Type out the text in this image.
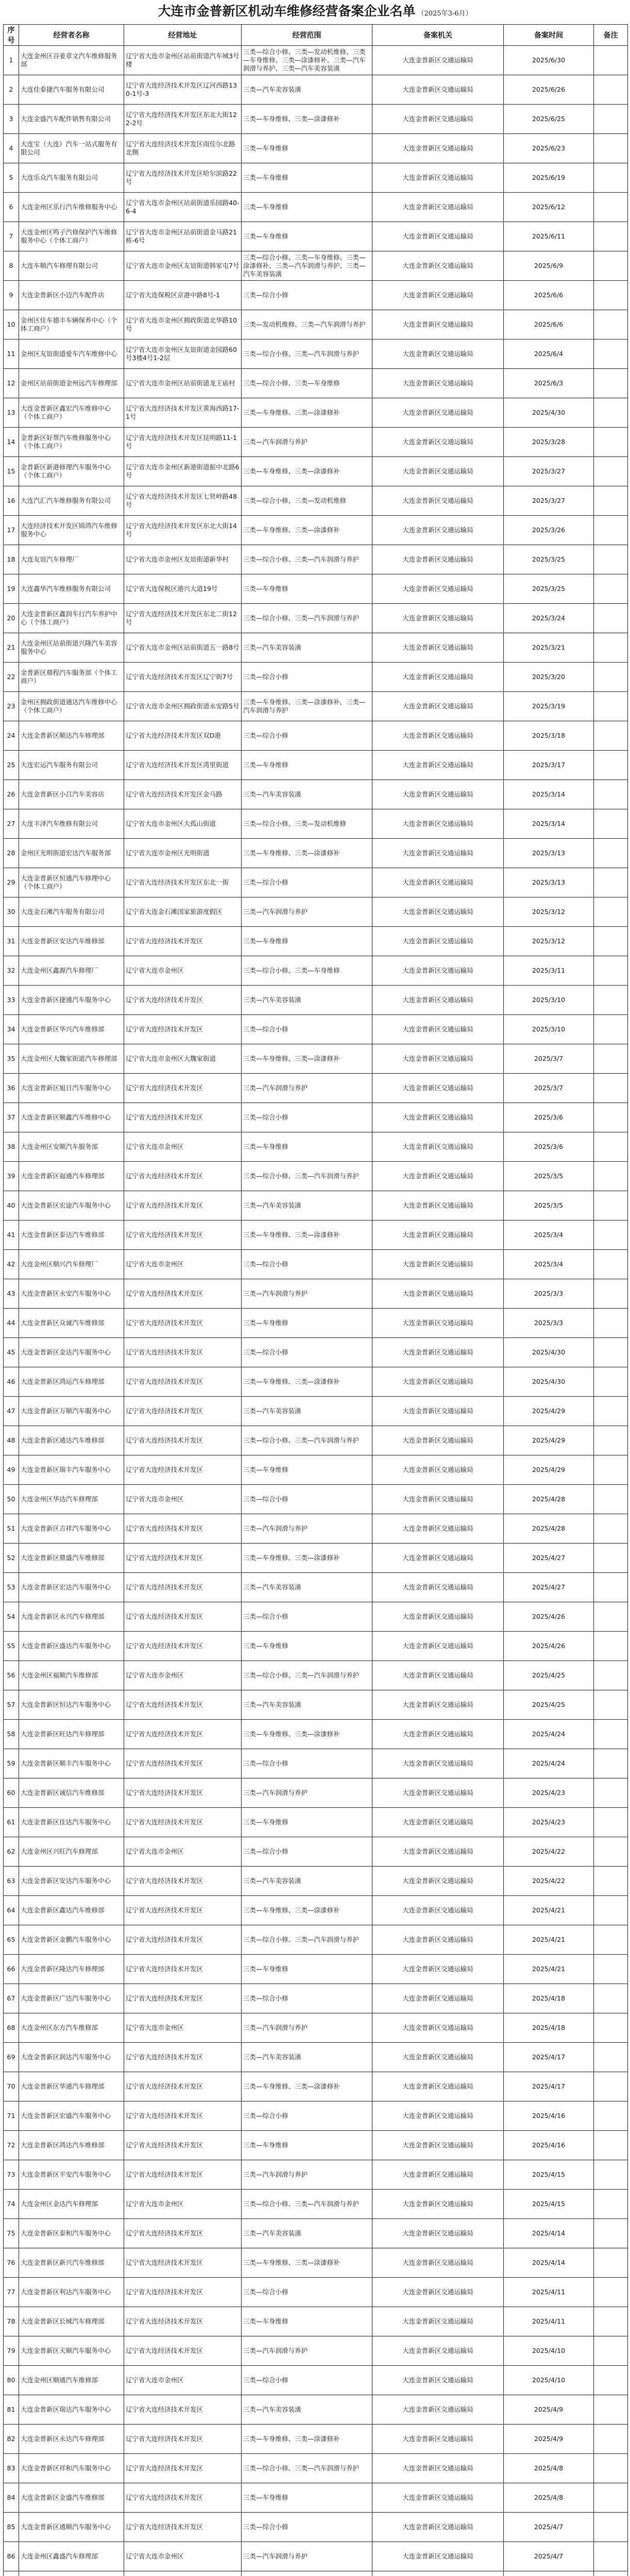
大连市金普新区机动车维修经营备案企业名单 （2025年3-6月）
序号	经营者名称	经营地址	经营范围	备案机关	备案时间	备注

1	大连金州区谷姜章文汽车维修服务部	辽宁省大连市金州区站前街道汽车城3号楼	三类—综合小修、三类—发动机维修、三类—车身维修、三类—涂漆修补、三类—汽车润滑与养护、三类—汽车美容装潢	大连金普新区交通运输局	2025/6/30	

2	大连佳泰捷汽车服务有限公司	辽宁省大连经济技术开发区辽河西路130-1号-3	三类—汽车美容装潢	大连金普新区交通运输局	2025/6/26	

3	大连金盛汽车配件销售有限公司	辽宁省大连经济技术开发区东北大街122-2号	三类—车身维修、三类—涂漆修补	大连金普新区交通运输局	2025/6/25	

4	大连宝（大连）汽车一站式服务有限公司	辽宁省大连经济技术开发区雨佳尔北路北侧	三类—车身维修	大连金普新区交通运输局	2025/6/23	

5	大连乐众汽车服务有限公司	辽宁省大连经济技术开发区哈尔滨路22号	三类—车身维修	大连金普新区交通运输局	2025/6/19	

6	大连金州区乐行汽车维修服务中心	辽宁省大连市金州区站前街道乐园路40-6-4	三类—车身维修	大连金普新区交通运输局	2025/6/12	

7	大连金州区鸣子汽修保护汽车维修服务中心（个体工商户）	辽宁省大连市金州区站前街道金马路21栋-6号	三类—车身维修	大连金普新区交通运输局	2025/6/11	

8	大连车顺汽车修理有限公司	辽宁省大连市金州区友谊街道韩家屯7号	三类—综合小修、三类—车身维修、三类—涂漆修补、三类—汽车润滑与养护、三类—汽车美容装潢	大连金普新区交通运输局	2025/6/9	

9	大连金普新区小迈汽车配件店	辽宁省大连保税区京港中路8号-1	三类—综合小修	大连金普新区交通运输局	2025/6/6	

10	金州区佳车德丰车辆保养中心（个体工商户）	辽宁省大连市金州区拥政街道北华路10号	三类—发动机维修、三类—汽车润滑与养护	大连金普新区交通运输局	2025/6/6	

11	金州区友谊街道爱车汽车维修中心	辽宁省大连市金州区友谊街道金园路60号3楼4号1-2层	三类—综合小修、三类—汽车润滑与养护	大连金普新区交通运输局	2025/6/4	

12	金州区站前街道金州远汽车修理部	辽宁省大连市金州区站前街道龙王庙村	三类—综合小修、三类—车身维修	大连金普新区交通运输局	2025/6/3	

13	大连金普新区鑫宏汽车维修中心（个体工商户）	辽宁省大连经济技术开发区黄海西路17-1号	三类—车身维修、三类—涂漆修补	大连金普新区交通运输局	2025/4/30	

14	金普新区好帮汽车维修服务中心（个体工商户）	辽宁省大连经济技术开发区昆明路11-1号	三类—汽车润滑与养护	大连金普新区交通运输局	2025/3/28	

15	金普新区新港修理汽车服务中心（个体工商户）	辽宁省大连市金州区新港街道振中北路6号	三类—车身维修、三类—涂漆修补	大连金普新区交通运输局	2025/3/27	

16	大连汽汇汽车维修服务有限公司	辽宁省大连经济技术开发区七贤岭路48号	三类—综合小修、三类—发动机维修	大连金普新区交通运输局	2025/3/27	

17	大连经济技术开发区锦鸿汽车维修服务中心	辽宁省大连经济技术开发区东北大街14号	三类—车身维修、三类—涂漆修补	大连金普新区交通运输局	2025/3/26	

18	大连友谊汽车修理厂	辽宁省大连市金州区友谊街道新华村	三类—综合小修、三类—汽车润滑与养护	大连金普新区交通运输局	2025/3/25	

19	大连鑫华汽车维修服务有限公司	辽宁省大连保税区港兴大道19号	三类—车身维修	大连金普新区交通运输局	2025/3/25	

20	大连金普新区鑫润车行汽车养护中心（个体工商户）	辽宁省大连经济技术开发区东北二街12号	三类—综合小修、三类—汽车润滑与养护	大连金普新区交通运输局	2025/3/24	

21	大连金州区站前街道兴隆汽车美容服务中心	辽宁省大连市金州区站前街道五一路8号	三类—汽车美容装潢	大连金普新区交通运输局	2025/3/21	

22	金普新区鼎程汽车服务部（个体工商户）	辽宁省大连经济技术开发区辽宁街7号	三类—综合小修	大连金普新区交通运输局	2025/3/20	

23	金州区拥政街道通达汽车维修中心（个体工商户）	辽宁省大连市金州区拥政街道永安路5号	三类—车身维修、三类—涂漆修补、三类—汽车润滑与养护	大连金普新区交通运输局	2025/3/19	

24	大连金普新区顺达汽车修理部	辽宁省大连经济技术开发区双D港	三类—综合小修	大连金普新区交通运输局	2025/3/18	

25	大连宏运汽车服务有限公司	辽宁省大连经济技术开发区湾里街道	三类—车身维修	大连金普新区交通运输局	2025/3/17	

26	大连金普新区小吕汽车美容店	辽宁省大连经济技术开发区金马路	三类—汽车美容装潢	大连金普新区交通运输局	2025/3/14	

27	大连丰泽汽车维修有限公司	辽宁省大连市金州区大孤山街道	三类—综合小修、三类—发动机维修	大连金普新区交通运输局	2025/3/14	

28	金州区光明街道宏达汽车服务部	辽宁省大连市金州区光明街道	三类—车身维修、三类—涂漆修补	大连金普新区交通运输局	2025/3/13	

29	大连金普新区恒通汽车修理中心（个体工商户）	辽宁省大连经济技术开发区东北一街	三类—综合小修	大连金普新区交通运输局	2025/3/13	

30	大连金石滩汽车服务有限公司	辽宁省大连金石滩国家旅游度假区	三类—汽车润滑与养护	大连金普新区交通运输局	2025/3/12	

31	大连金普新区安达汽车维修部	辽宁省大连经济技术开发区	三类—车身维修	大连金普新区交通运输局	2025/3/12	

32	大连金州区鑫源汽车修理厂	辽宁省大连市金州区	三类—综合小修、三类—车身维修	大连金普新区交通运输局	2025/3/11	

33	大连金普新区捷通汽车服务中心	辽宁省大连经济技术开发区	三类—汽车美容装潢	大连金普新区交通运输局	2025/3/10	

34	大连金普新区华兴汽车维修部	辽宁省大连经济技术开发区	三类—综合小修	大连金普新区交通运输局	2025/3/10	

35	大连金州区大魏家街道汽车修理部	辽宁省大连市金州区大魏家街道	三类—车身维修、三类—涂漆修补	大连金普新区交通运输局	2025/3/7	

36	大连金普新区旭日汽车服务中心	辽宁省大连经济技术开发区	三类—汽车润滑与养护	大连金普新区交通运输局	2025/3/7	

37	大连金普新区顺鑫汽车维修中心	辽宁省大连经济技术开发区	三类—综合小修	大连金普新区交通运输局	2025/3/6	

38	大连金州区安顺汽车服务部	辽宁省大连市金州区	三类—车身维修	大连金普新区交通运输局	2025/3/6	

39	大连金普新区福通汽车修理部	辽宁省大连经济技术开发区	三类—综合小修、三类—汽车润滑与养护	大连金普新区交通运输局	2025/3/5	

40	大连金普新区宏途汽车服务中心	辽宁省大连经济技术开发区	三类—汽车美容装潢	大连金普新区交通运输局	2025/3/5	

41	大连金普新区泰达汽车维修部	辽宁省大连经济技术开发区	三类—车身维修、三类—涂漆修补	大连金普新区交通运输局	2025/3/4	

42	大连金州区顺兴汽车修理厂	辽宁省大连市金州区	三类—综合小修	大连金普新区交通运输局	2025/3/4	

43	大连金普新区永安汽车服务中心	辽宁省大连经济技术开发区	三类—汽车润滑与养护	大连金普新区交通运输局	2025/3/3	

44	大连金普新区众诚汽车维修部	辽宁省大连经济技术开发区	三类—车身维修	大连金普新区交通运输局	2025/3/3	

45	大连金普新区金达汽车服务中心	辽宁省大连经济技术开发区	三类—综合小修	大连金普新区交通运输局	2025/4/30	

46	大连金普新区鸿运汽车修理部	辽宁省大连经济技术开发区	三类—车身维修、三类—涂漆修补	大连金普新区交通运输局	2025/4/30	

47	大连金普新区万顺汽车服务中心	辽宁省大连经济技术开发区	三类—汽车美容装潢	大连金普新区交通运输局	2025/4/29	

48	大连金普新区通达汽车维修部	辽宁省大连经济技术开发区	三类—综合小修、三类—汽车润滑与养护	大连金普新区交通运输局	2025/4/29	

49	大连金普新区瑞丰汽车服务中心	辽宁省大连经济技术开发区	三类—车身维修	大连金普新区交通运输局	2025/4/29	

50	大连金州区华达汽车修理部	辽宁省大连市金州区	三类—综合小修	大连金普新区交通运输局	2025/4/28	

51	大连金普新区吉祥汽车服务中心	辽宁省大连经济技术开发区	三类—汽车润滑与养护	大连金普新区交通运输局	2025/4/28	

52	大连金普新区鼎盛汽车维修部	辽宁省大连经济技术开发区	三类—车身维修、三类—涂漆修补	大连金普新区交通运输局	2025/4/27	

53	大连金普新区宏达汽车服务中心	辽宁省大连经济技术开发区	三类—汽车美容装潢	大连金普新区交通运输局	2025/4/27	

54	大连金普新区永兴汽车修理部	辽宁省大连经济技术开发区	三类—综合小修	大连金普新区交通运输局	2025/4/26	

55	大连金普新区盛达汽车服务中心	辽宁省大连经济技术开发区	三类—车身维修	大连金普新区交通运输局	2025/4/26	

56	大连金州区福顺汽车维修部	辽宁省大连市金州区	三类—综合小修、三类—汽车润滑与养护	大连金普新区交通运输局	2025/4/25	

57	大连金普新区恒达汽车服务中心	辽宁省大连经济技术开发区	三类—汽车美容装潢	大连金普新区交通运输局	2025/4/25	

58	大连金普新区旺达汽车修理部	辽宁省大连经济技术开发区	三类—车身维修、三类—涂漆修补	大连金普新区交通运输局	2025/4/24	

59	大连金普新区顺丰汽车服务中心	辽宁省大连经济技术开发区	三类—综合小修	大连金普新区交通运输局	2025/4/24	

60	大连金普新区诚信汽车维修部	辽宁省大连经济技术开发区	三类—汽车润滑与养护	大连金普新区交通运输局	2025/4/23	

61	大连金普新区佳达汽车服务中心	辽宁省大连经济技术开发区	三类—车身维修	大连金普新区交通运输局	2025/4/23	

62	大连金州区兴旺汽车修理部	辽宁省大连市金州区	三类—综合小修	大连金普新区交通运输局	2025/4/22	

63	大连金普新区安达汽车服务中心	辽宁省大连经济技术开发区	三类—汽车美容装潢	大连金普新区交通运输局	2025/4/22	

64	大连金普新区鑫达汽车维修部	辽宁省大连经济技术开发区	三类—车身维修、三类—涂漆修补	大连金普新区交通运输局	2025/4/21	

65	大连金普新区金鹏汽车服务中心	辽宁省大连经济技术开发区	三类—综合小修、三类—汽车润滑与养护	大连金普新区交通运输局	2025/4/21	

66	大连金普新区隆达汽车修理部	辽宁省大连经济技术开发区	三类—车身维修	大连金普新区交通运输局	2025/4/21	

67	大连金普新区广达汽车服务中心	辽宁省大连经济技术开发区	三类—综合小修	大连金普新区交通运输局	2025/4/18	

68	大连金州区东方汽车维修部	辽宁省大连市金州区	三类—汽车润滑与养护	大连金普新区交通运输局	2025/4/18	

69	大连金普新区润达汽车服务中心	辽宁省大连经济技术开发区	三类—汽车美容装潢	大连金普新区交通运输局	2025/4/17	

70	大连金普新区华通汽车修理部	辽宁省大连经济技术开发区	三类—车身维修、三类—涂漆修补	大连金普新区交通运输局	2025/4/17	

71	大连金普新区宏盛汽车服务中心	辽宁省大连经济技术开发区	三类—综合小修	大连金普新区交通运输局	2025/4/16	

72	大连金普新区鸿达汽车维修部	辽宁省大连经济技术开发区	三类—车身维修	大连金普新区交通运输局	2025/4/16	

73	大连金普新区平安汽车服务中心	辽宁省大连经济技术开发区	三类—汽车润滑与养护	大连金普新区交通运输局	2025/4/15	

74	大连金州区金达汽车修理部	辽宁省大连市金州区	三类—综合小修、三类—汽车润滑与养护	大连金普新区交通运输局	2025/4/15	

75	大连金普新区泰和汽车服务中心	辽宁省大连经济技术开发区	三类—汽车美容装潢	大连金普新区交通运输局	2025/4/14	

76	大连金普新区新兴汽车维修部	辽宁省大连经济技术开发区	三类—车身维修、三类—涂漆修补	大连金普新区交通运输局	2025/4/14	

77	大连金普新区利达汽车服务中心	辽宁省大连经济技术开发区	三类—综合小修	大连金普新区交通运输局	2025/4/11	

78	大连金普新区长城汽车修理部	辽宁省大连经济技术开发区	三类—车身维修	大连金普新区交通运输局	2025/4/11	

79	大连金普新区天顺汽车服务中心	辽宁省大连经济技术开发区	三类—汽车润滑与养护	大连金普新区交通运输局	2025/4/10	

80	大连金州区顺通汽车维修部	辽宁省大连市金州区	三类—综合小修	大连金普新区交通运输局	2025/4/10	

81	大连金普新区瑞达汽车服务中心	辽宁省大连经济技术开发区	三类—汽车美容装潢	大连金普新区交通运输局	2025/4/9	

82	大连金普新区永达汽车修理部	辽宁省大连经济技术开发区	三类—车身维修、三类—涂漆修补	大连金普新区交通运输局	2025/4/9	

83	大连金普新区祥和汽车服务中心	辽宁省大连经济技术开发区	三类—综合小修、三类—汽车润滑与养护	大连金普新区交通运输局	2025/4/8	

84	大连金普新区金盛汽车维修部	辽宁省大连经济技术开发区	三类—车身维修	大连金普新区交通运输局	2025/4/8	

85	大连金普新区通顺汽车服务中心	辽宁省大连经济技术开发区	三类—综合小修	大连金普新区交通运输局	2025/4/7	

86	大连金州区鑫盛汽车修理部	辽宁省大连市金州区	三类—汽车润滑与养护	大连金普新区交通运输局	2025/4/7	
